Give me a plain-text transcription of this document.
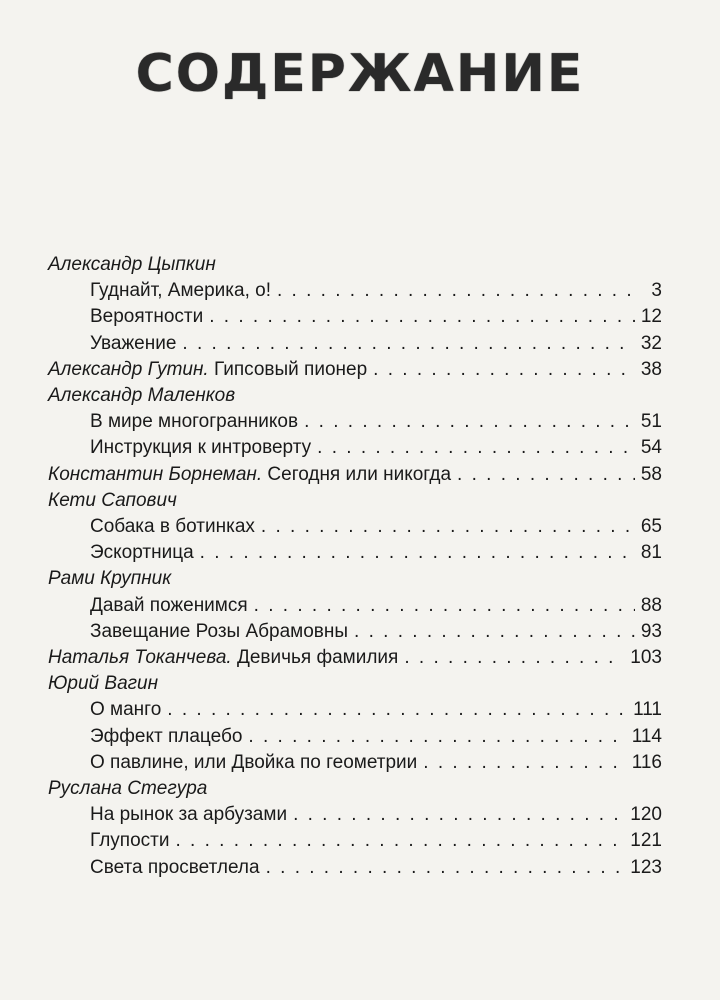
СОДЕРЖАНИЕ
Александр Цыпкин
Гуднайт, Америка, о! . . .	3
Вероятности . . .	12
Уважение . . .	32
Александр Гутин. Гипсовый пионер . . .	38
Александр Маленков
В мире многогранников . . .	51
Инструкция к интроверту . . .	54
Константин Борнеман. Сегодня или никогда . . .	58
Кети Сапович
Собака в ботинках . . .	65
Эскортница . . .	81
Рами Крупник
Давай поженимся . . .	88
Завещание Розы Абрамовны . . .	93
Наталья Токанчева. Девичья фамилия . . .	103
Юрий Вагин
О манго . . .	111
Эффект плацебо . . .	114
О павлине, или Двойка по геометрии . . .	116
Руслана Стегура
На рынок за арбузами . . .	120
Глупости . . .	121
Света просветлела . . .	123
